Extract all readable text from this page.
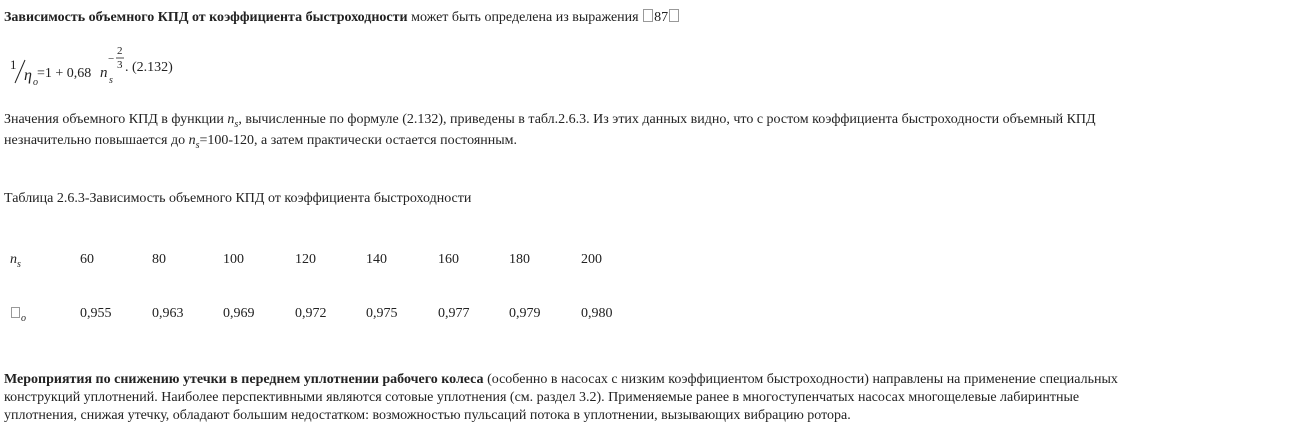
Зависимость объемного КПД от коэффициента быстроходности может быть определена из выражения 87
1
η o
=1 + 0,68 n s
−
2
3 . (2.132)
Значения объемного КПД в функции $n_s$, вычисленные по формуле (2.132), приведены в табл.2.6.3. Из этих данных видно, что с ростом коэффициента быстроходности объемный КПД
незначительно повышается до $n_s=100-120$, а затем практически остается постоянным.
Таблица 2.6.3-Зависимость объемного КПД от коэффициента быстроходности
$n_s$	60	80	100	120	140	160	180	200
$_o$	0,955	0,963	0,969	0,972	0,975	0,977	0,979	0,980
Мероприятия по снижению утечки в переднем уплотнении рабочего колеса (особенно в насосах с низким коэффициентом быстроходности) направлены на применение специальных
конструкций уплотнений. Наиболее перспективными являются сотовые уплотнения (см. раздел 3.2). Применяемые ранее в многоступенчатых насосах многощелевые лабиринтные
уплотнения, снижая утечку, обладают большим недостатком: возможностью пульсаций потока в уплотнении, вызывающих вибрацию ротора.
